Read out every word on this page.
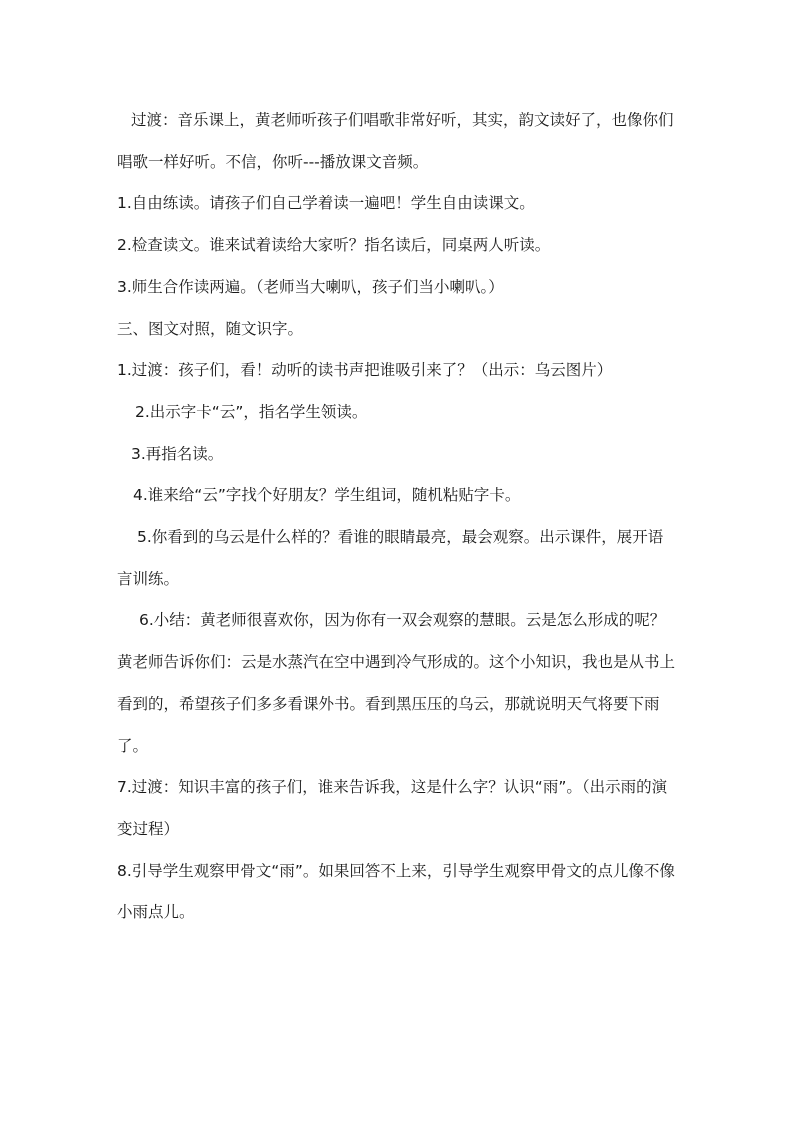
过渡：音乐课上，黄老师听孩子们唱歌非常好听，其实，韵文读好了，也像你们唱歌一样好听。不信，你听---播放课文音频。

1.自由练读。请孩子们自己学着读一遍吧！学生自由读课文。

2.检查读文。谁来试着读给大家听？指名读后，同桌两人听读。

3.师生合作读两遍。（老师当大喇叭，孩子们当小喇叭。）

三、图文对照，随文识字。

1.过渡：孩子们，看！动听的读书声把谁吸引来了？（出示：乌云图片）

2.出示字卡“云”，指名学生领读。

3.再指名读。

4.谁来给“云”字找个好朋友？学生组词，随机粘贴字卡。

5.你看到的乌云是什么样的？看谁的眼睛最亮，最会观察。出示课件，展开语言训练。

6.小结：黄老师很喜欢你，因为你有一双会观察的慧眼。云是怎么形成的呢？黄老师告诉你们：云是水蒸汽在空中遇到冷气形成的。这个小知识，我也是从书上看到的，希望孩子们多多看课外书。看到黑压压的乌云，那就说明天气将要下雨了。

7.过渡：知识丰富的孩子们，谁来告诉我，这是什么字？认识“雨”。（出示雨的演变过程）

8.引导学生观察甲骨文“雨”。如果回答不上来，引导学生观察甲骨文的点儿像不像小雨点儿。
